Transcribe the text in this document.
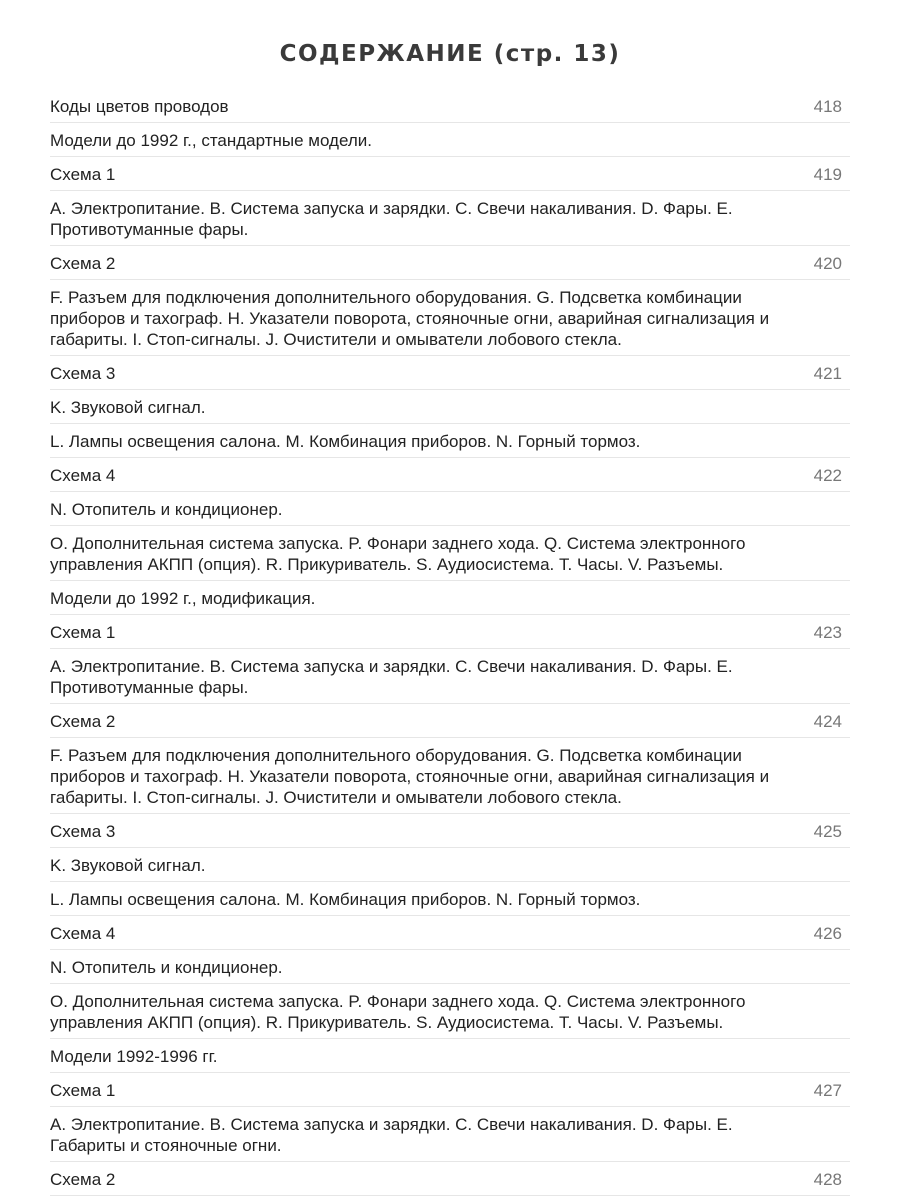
СОДЕРЖАНИЕ (стр. 13)
Коды цветов проводов	418
Модели до 1992 г., стандартные модели.
Схема 1	419
A. Электропитание. B. Система запуска и зарядки. C. Свечи накаливания. D. Фары. E. Противотуманные фары.
Схема 2	420
F. Разъем для подключения дополнительного оборудования. G. Подсветка комбинации приборов и тахограф. H. Указатели поворота, стояночные огни, аварийная сигнализация и габариты. I. Стоп-сигналы. J. Очистители и омыватели лобового стекла.
Схема 3	421
K. Звуковой сигнал.
L. Лампы освещения салона. M. Комбинация приборов. N. Горный тормоз.
Схема 4	422
N. Отопитель и кондиционер.
O. Дополнительная система запуска. P. Фонари заднего хода. Q. Система электронного управления АКПП (опция). R. Прикуриватель. S. Аудиосистема. T. Часы. V. Разъемы.
Модели до 1992 г., модификация.
Схема 1	423
A. Электропитание. B. Система запуска и зарядки. C. Свечи накаливания. D. Фары. E. Противотуманные фары.
Схема 2	424
F. Разъем для подключения дополнительного оборудования. G. Подсветка комбинации приборов и тахограф. H. Указатели поворота, стояночные огни, аварийная сигнализация и габариты. I. Стоп-сигналы. J. Очистители и омыватели лобового стекла.
Схема 3	425
K. Звуковой сигнал.
L. Лампы освещения салона. M. Комбинация приборов. N. Горный тормоз.
Схема 4	426
N. Отопитель и кондиционер.
O. Дополнительная система запуска. P. Фонари заднего хода. Q. Система электронного управления АКПП (опция). R. Прикуриватель. S. Аудиосистема. T. Часы. V. Разъемы.
Модели 1992-1996 гг.
Схема 1	427
A. Электропитание. B. Система запуска и зарядки. C. Свечи накаливания. D. Фары. E. Габариты и стояночные огни.
Схема 2	428
